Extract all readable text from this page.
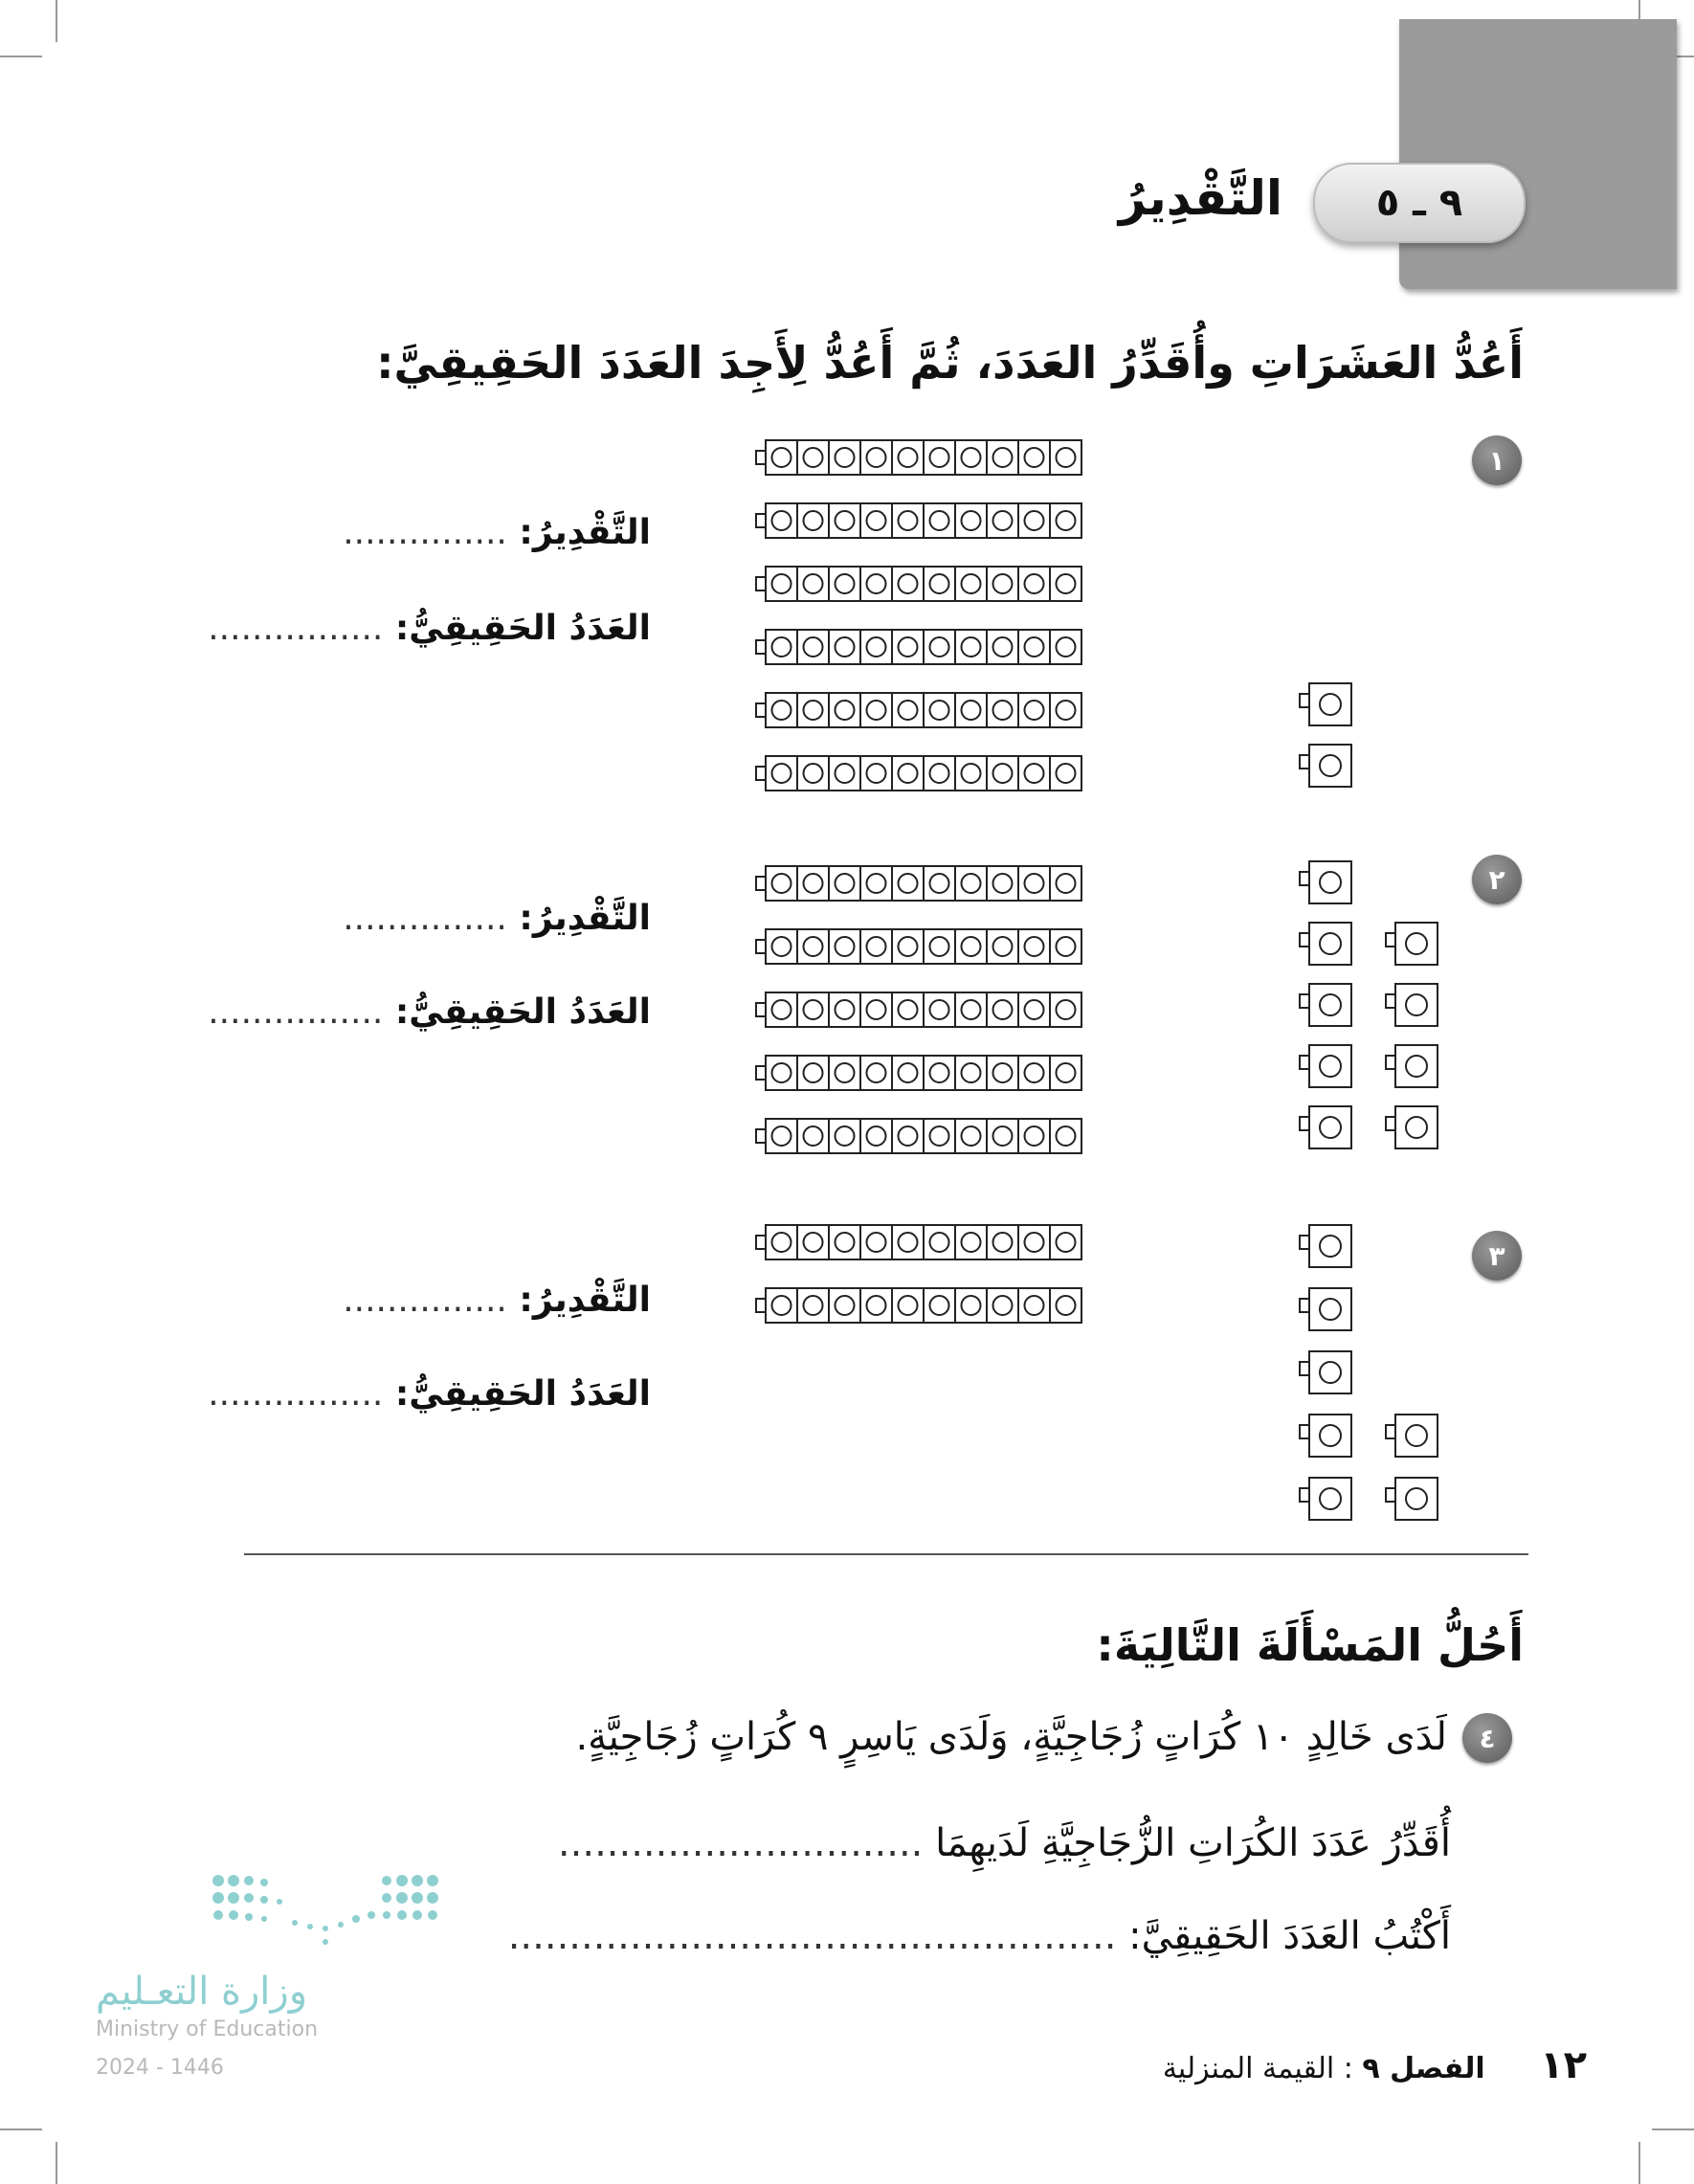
٩ ـ ٥
التَّقْدِيرُ
أَعُدُّ العَشَرَاتِ وأُقَدِّرُ العَدَدَ، ثُمَّ أَعُدُّ لِأَجِدَ العَدَدَ الحَقِيقِيَّ:
١
٢
٣
التَّقْدِيرُ: ...............
العَدَدُ الحَقِيقِيُّ: ................
التَّقْدِيرُ: ...............
العَدَدُ الحَقِيقِيُّ: ................
التَّقْدِيرُ: ...............
العَدَدُ الحَقِيقِيُّ: ................
أَحُلُّ المَسْأَلَةَ التَّالِيَةَ:
٤
لَدَى خَالِدٍ ١٠ كُرَاتٍ زُجَاجِيَّةٍ، وَلَدَى يَاسِرٍ ٩ كُرَاتٍ زُجَاجِيَّةٍ.
أُقَدِّرُ عَدَدَ الكُرَاتِ الزُّجَاجِيَّةِ لَدَيهِمَا ..............................
أَكْتُبُ العَدَدَ الحَقِيقِيَّ: ..................................................
وزارة التعـليم
Ministry of Education
2024 - 1446	١٢ الفصل ٩ : القيمة المنزلية
